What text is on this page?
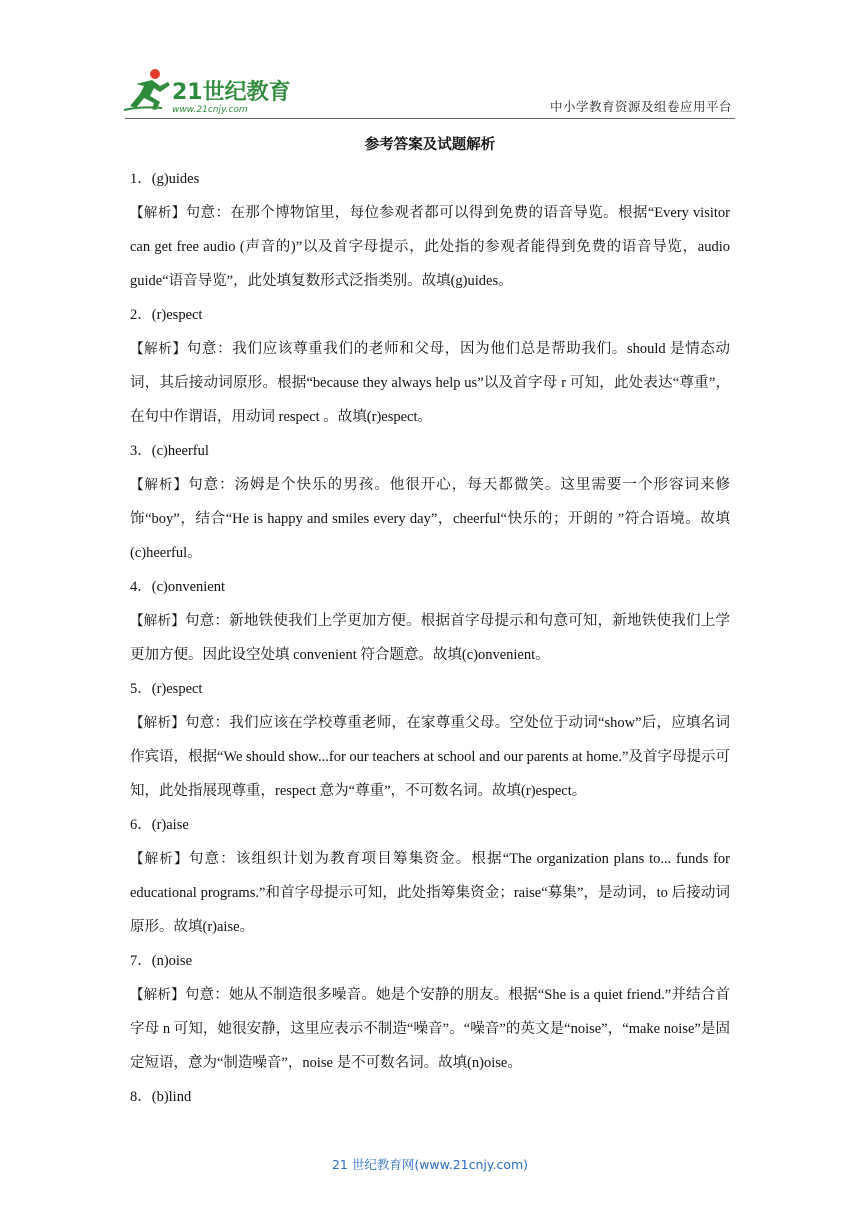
21世纪教育
www.21cnjy.com	中小学教育资源及组卷应用平台
参考答案及试题解析
1．(g)uides
【解析】句意：在那个博物馆里，每位参观者都可以得到免费的语音导览。根据“Every visitor can get free audio (声音的)”以及首字母提示，此处指的参观者能得到免费的语音导览，audio guide“语音导览”，此处填复数形式泛指类别。故填(g)uides。
2．(r)espect
【解析】句意：我们应该尊重我们的老师和父母，因为他们总是帮助我们。should 是情态动词，其后接动词原形。根据“because they always help us”以及首字母 r 可知，此处表达“尊重”，在句中作谓语，用动词 respect 。故填(r)espect。
3．(c)heerful
【解析】句意：汤姆是个快乐的男孩。他很开心，每天都微笑。这里需要一个形容词来修饰“boy”，结合“He is happy and smiles every day”，cheerful“快乐的；开朗的 ”符合语境。故填(c)heerful。
4．(c)onvenient
【解析】句意：新地铁使我们上学更加方便。根据首字母提示和句意可知，新地铁使我们上学更加方便。因此设空处填 convenient 符合题意。故填(c)onvenient。
5．(r)espect
【解析】句意：我们应该在学校尊重老师，在家尊重父母。空处位于动词“show”后，应填名词作宾语，根据“We should show...for our teachers at school and our parents at home.”及首字母提示可知，此处指展现尊重，respect 意为“尊重”，不可数名词。故填(r)espect。
6．(r)aise
【解析】句意：该组织计划为教育项目筹集资金。根据“The organization plans to... funds for educational programs.”和首字母提示可知，此处指筹集资金；raise“募集”，是动词，to 后接动词原形。故填(r)aise。
7．(n)oise
【解析】句意：她从不制造很多噪音。她是个安静的朋友。根据“She is a quiet friend.”并结合首字母 n 可知，她很安静，这里应表示不制造“噪音”。“噪音”的英文是“noise”，“make noise”是固定短语，意为“制造噪音”，noise 是不可数名词。故填(n)oise。
8．(b)lind
21 世纪教育网(www.21cnjy.com)
